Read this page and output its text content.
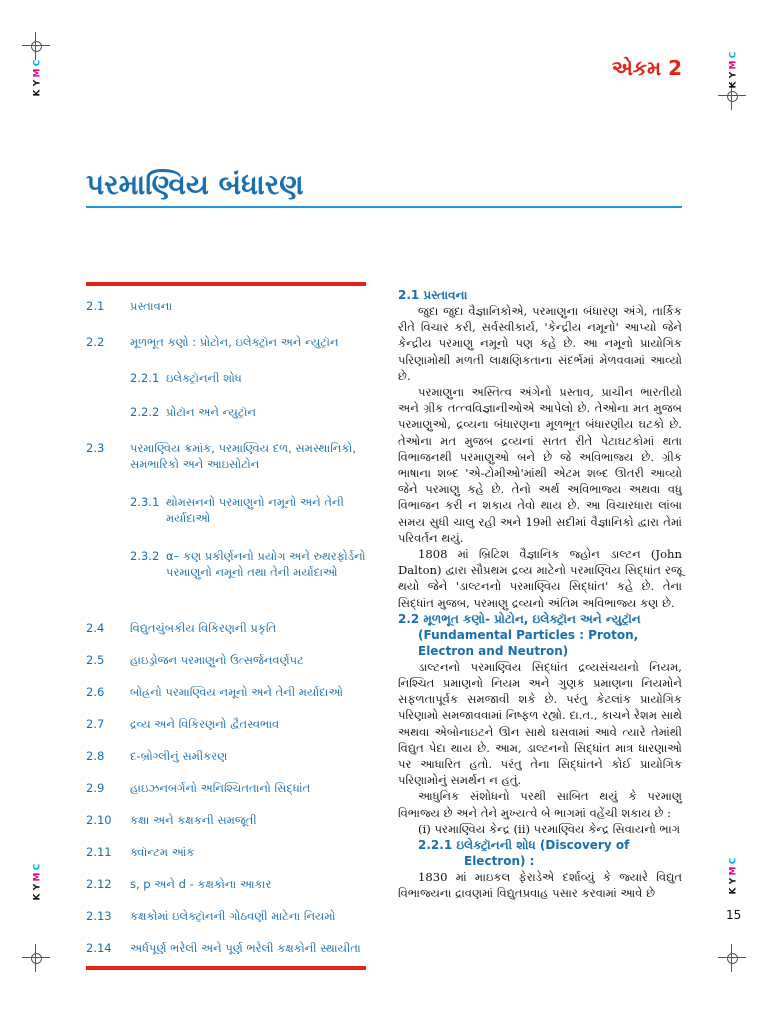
C
M
Y
K
C
M
Y
K
C
M
Y
K
C
M
Y
K
એકમ 2
પરમાણ્વિય બંધારણ
2.1 પ્રસ્તાવના
2.2 મૂળભૂત કણો : પ્રોટોન, ઇલેક્ટ્રૉન અને ન્યુટ્રૉન
2.2.1 ઇલેક્ટ્રૉનની શોધ
2.2.2 પ્રોટૉન અને ન્યુટ્રૉન
2.3 પરમાણ્વિય ક્રમાંક, પરમાણ્વિય દળ, સમસ્થાનિકો, સમભારિકો અને આઇસોટોન
2.3.1 થોમસનનો પરમાણુનો નમૂનો અને તેની મર્યાદાઓ
2.3.2 α– કણ પ્રકીર્ણનનો પ્રયોગ અને રુથરફોર્ડનો પરમાણુનો નમૂનો તથા તેની મર્યાદાઓ
2.4 વિદ્યુતચુંબકીય વિકિરણની પ્રકૃતિ
2.5 હાઇડ્રોજન પરમાણુનો ઉત્સર્જનવર્ણપટ
2.6 બોહ્રનો પરમાણ્વિય નમૂનો અને તેની મર્યાદાઓ
2.7 દ્રવ્ય અને વિકિરણનો દ્વૈતસ્વભાવ
2.8 દ-બ્રોગ્લીનું સમીકરણ
2.9 હાઇઝનબર્ગનો અનિશ્ચિતતાનો સિદ્ધાંત
2.10 કક્ષા અને કક્ષકની સમજૂતી
2.11 ક્વૉન્ટમ આંક
2.12 s, p અને d - કક્ષકોના આકાર
2.13 કક્ષકોમાં ઇલેક્ટ્રૉનની ગોઠવણી માટેના નિયમો
2.14 અર્ધપૂર્ણ ભરેલી અને પૂર્ણ ભરેલી કક્ષકોની સ્થાયીતા
2.1 પ્રસ્તાવના

જુદા જુદા વૈજ્ઞાનિકોએ, પરમાણુના બંધારણ અંગે, તાર્કિક રીતે વિચાર કરી, સર્વસ્વીકાર્ય, 'કેન્દ્રીય નમૂનો' આપ્યો જેને કેન્દ્રીય પરમાણુ નમૂનો પણ કહે છે. આ નમૂનો પ્રાયોગિક પરિણામોથી મળતી લાક્ષણિકતાના સંદર્ભમાં મેળવવામાં આવ્યો છે.

પરમાણુના અસ્તિત્વ અંગેનો પ્રસ્તાવ, પ્રાચીન ભારતીયો અને ગ્રીક તત્ત્વવિજ્ઞાનીઓએ આપેલો છે. તેઓના મત મુજબ પરમાણુઓ, દ્રવ્યના બંધારણના મૂળભૂત બંધારણીય ઘટકો છે. તેઓના મત મુજબ દ્રવ્યનાં સતત રીતે પેટાઘટકોમાં થતા વિભાજનથી પરમાણુઓ બને છે જે અવિભાજ્ય છે. ગ્રીક ભાષાના શબ્દ 'એ-ટોમીઓ'માંથી એટમ શબ્દ ઊતરી આવ્યો જેને પરમાણુ કહે છે. તેનો અર્થ અવિભાજ્ય અથવા વધુ વિભાજન કરી ન શકાય તેવો થાય છે. આ વિચારધારા લાંબા સમય સુધી ચાલુ રહી અને 19મી સદીમાં વૈજ્ઞાનિકો દ્વારા તેમાં પરિવર્તન થયું.

1808 માં બ્રિટિશ વૈજ્ઞાનિક જ્હોન ડાલ્ટન (John Dalton) દ્વારા સૌપ્રથમ દ્રવ્ય માટેનો પરમાણ્વિય સિદ્ધાંત રજૂ થયો જેને 'ડાલ્ટનનો પરમાણ્વિય સિદ્ધાંત' કહે છે. તેના સિદ્ધાંત મુજબ, પરમાણુ દ્રવ્યનો અંતિમ અવિભાજ્ય કણ છે.

2.2 મૂળભૂત કણો- પ્રોટોન, ઇલેક્ટ્રૉન અને ન્યુટ્રૉન
(Fundamental Particles : Proton,
Electron and Neutron)

ડાલ્ટનનો પરમાણ્વિય સિદ્ધાંત દ્રવ્યસંચયનો નિયમ, નિશ્ચિત પ્રમાણનો નિયમ અને ગુણક પ્રમાણના નિયમોને સફળતાપૂર્વક સમજાવી શકે છે. પરંતુ કેટલાંક પ્રાયોગિક પરિણામો સમજાવવામાં નિષ્ફળ રહ્યો. દા.ત., કાચને રેશમ સાથે અથવા એબોનાઇટને ઊન સાથે ઘસવામાં આવે ત્યારે તેમાંથી વિદ્યુત પેદા થાય છે. આમ, ડાલ્ટનનો સિદ્ધાંત માત્ર ધારણાઓ પર આધારિત હતો. પરંતુ તેના સિદ્ધાંતને કોઈ પ્રાયોગિક પરિણામોનું સમર્થન ન હતું.

આધુનિક સંશોધનો પરથી સાબિત થયું કે પરમાણુ વિભાજ્ય છે અને તેને મુખ્યત્વે બે ભાગમાં વહેંચી શકાય છે :

(i) પરમાણ્વિય કેન્દ્ર (ii) પરમાણ્વિય કેન્દ્ર સિવાયનો ભાગ
2.2.1 ઇલેક્ટ્રૉનની શોધ (Discovery of
Electron) :

1830 માં માઇકલ ફેરાડેએ દર્શાવ્યું કે જ્યારે વિદ્યુત વિભાજ્યના દ્રાવણમાં વિદ્યુતપ્રવાહ પસાર કરવામાં આવે છે

15
